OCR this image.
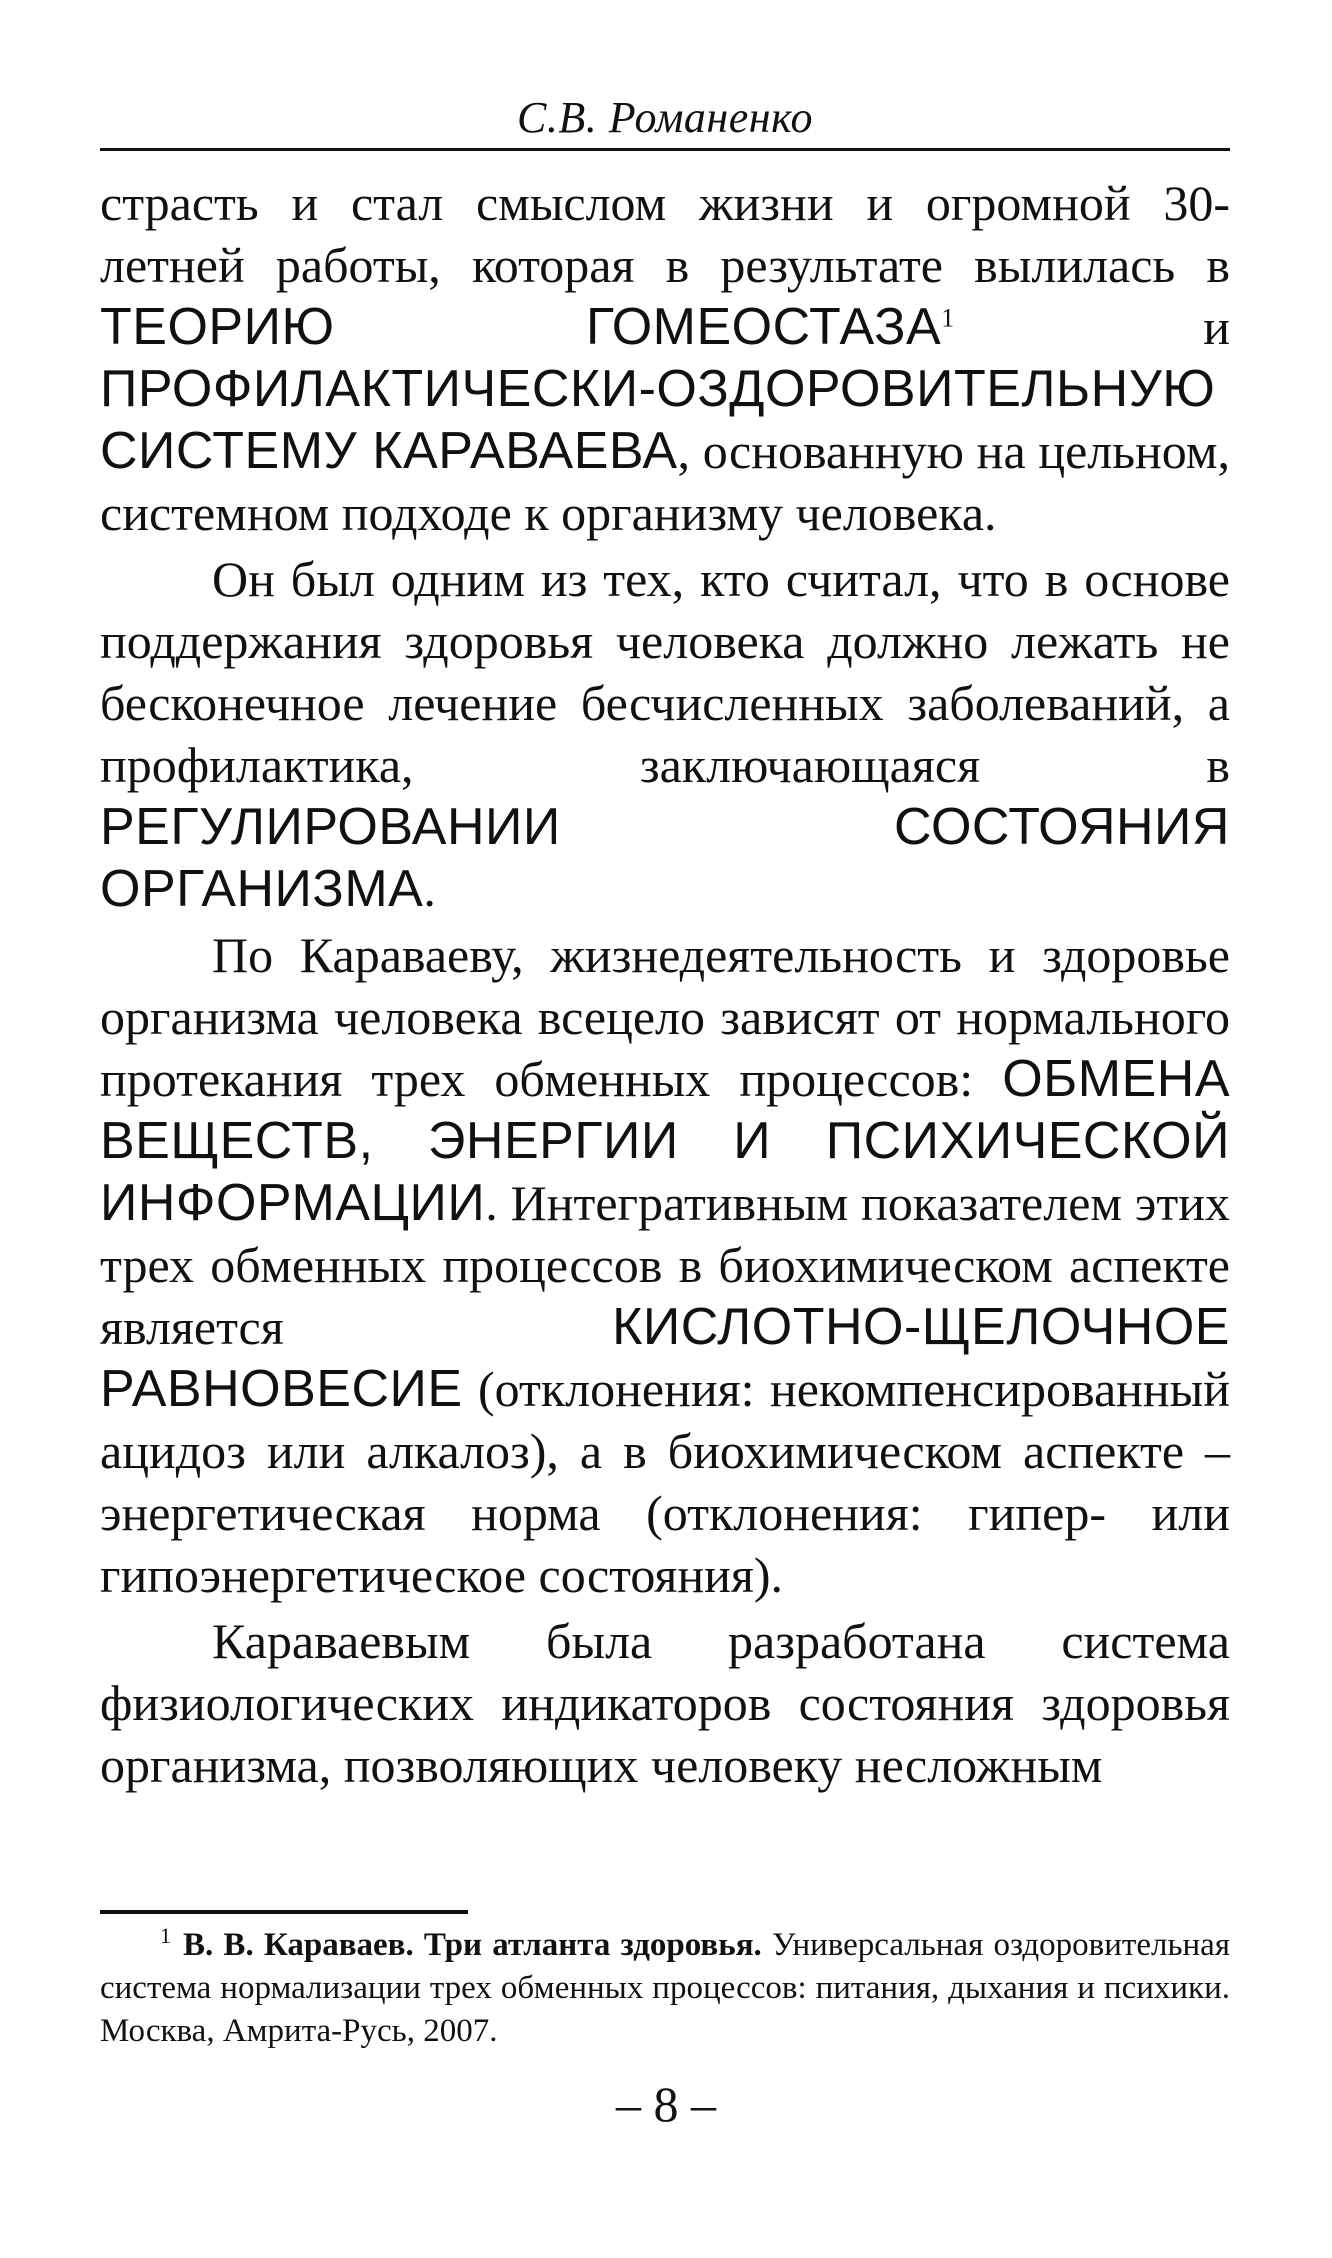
С.В. Романенко

страсть и стал смыслом жизни и огромной 30-летней работы, которая в результате вылилась в ТЕОРИЮ ГОМЕОСТАЗА$^1$ и ПРОФИЛАКТИЧЕСКИ-ОЗДОРОВИТЕЛЬНУЮ СИСТЕМУ КАРАВАЕВА, основанную на цельном, системном подходе к организму человека.

Он был одним из тех, кто считал, что в основе поддержания здоровья человека должно лежать не бесконечное лечение бесчисленных заболеваний, а профилактика, заключающаяся в РЕГУЛИРОВАНИИ СОСТОЯНИЯ ОРГАНИЗМА.

По Караваеву, жизнедеятельность и здоровье организма человека всецело зависят от нормального протекания трех обменных процессов: ОБМЕНА ВЕЩЕСТВ, ЭНЕРГИИ И ПСИХИЧЕСКОЙ ИНФОРМАЦИИ. Интегративным показателем этих трех обменных процессов в биохимическом аспекте является КИСЛОТНО-ЩЕЛОЧНОЕ РАВНОВЕСИЕ (отклонения: некомпенсированный ацидоз или алкалоз), а в биохимическом аспекте – энергетическая норма (отклонения: гипер- или гипоэнергетическое состояния).

Караваевым была разработана система физиологических индикаторов состояния здоровья организма, позволяющих человеку несложным

$^1$ В. В. Караваев. Три атланта здоровья. Универсальная оздоровительная система нормализации трех обменных процессов: питания, дыхания и психики. Москва, Амрита-Русь, 2007.
– 8 –
